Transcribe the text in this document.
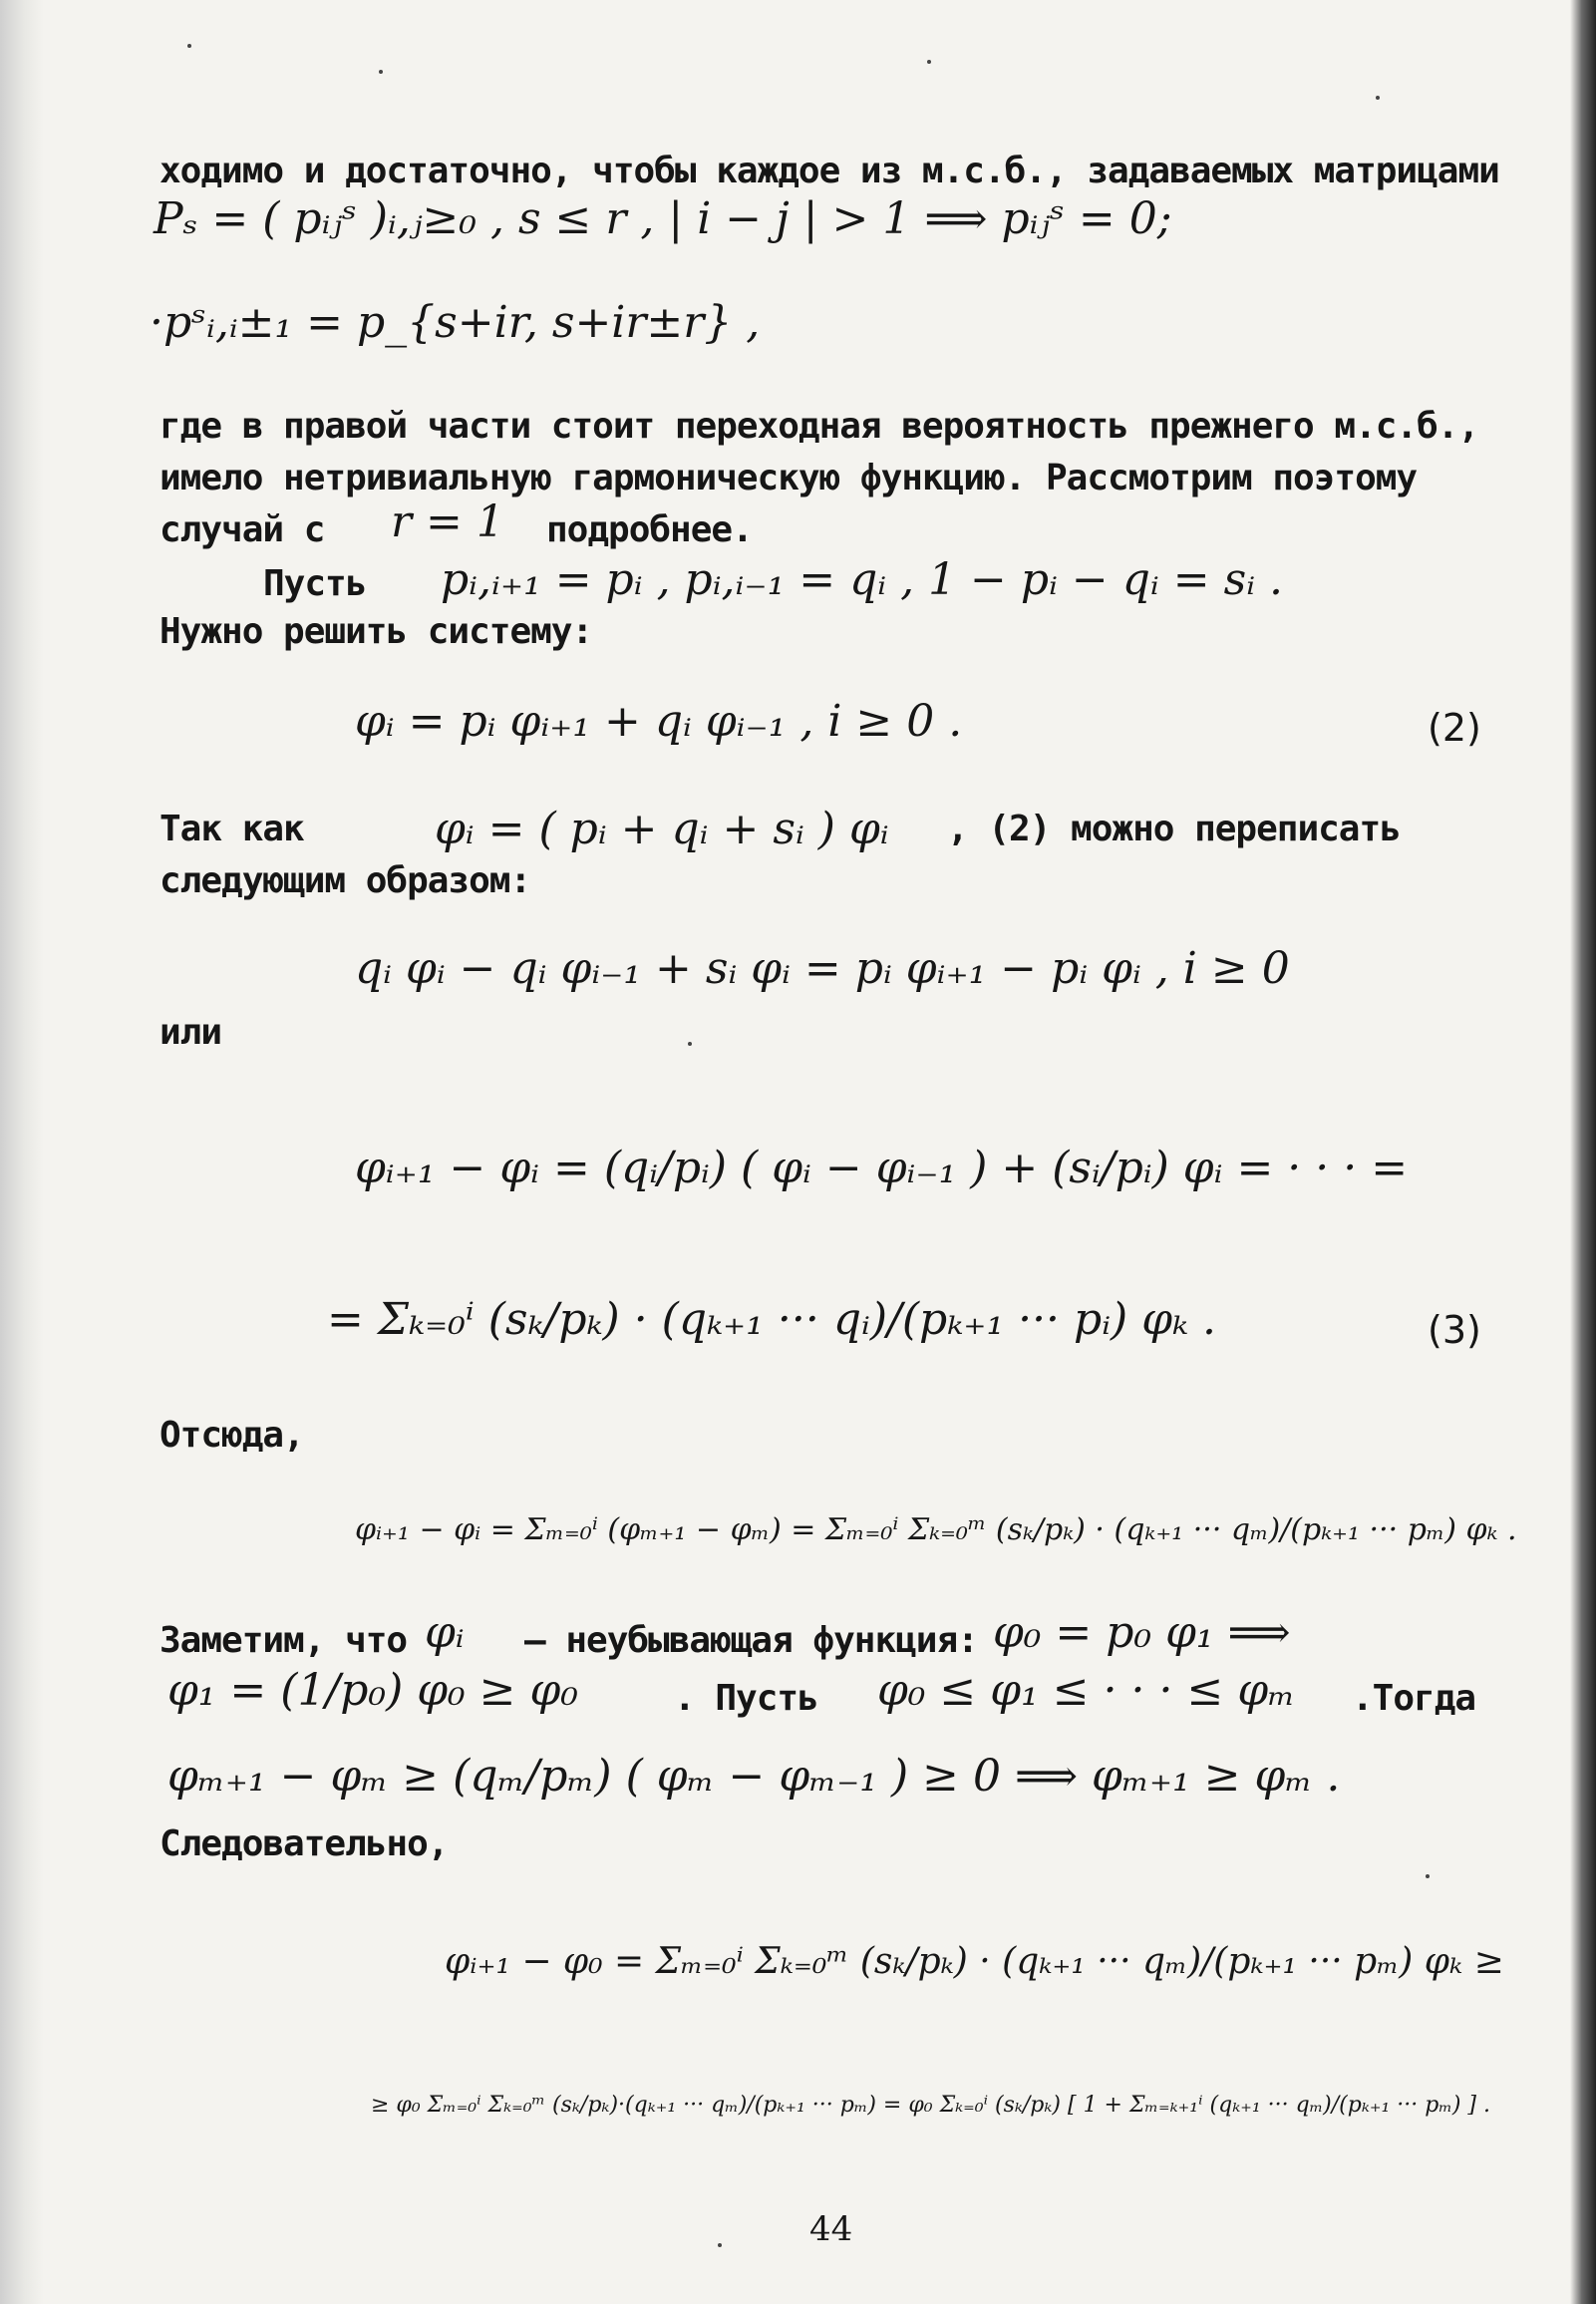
ходимо и достаточно, чтобы каждое из м.с.б., задаваемых матрицами
Pₛ = ( pᵢⱼˢ )ᵢ,ⱼ≥₀ , s ≤ r , | i − j | > 1 ⟹ pᵢⱼˢ = 0;
·pˢᵢ,ᵢ±₁ = p_{s+ir, s+ir±r} ,
где в правой части стоит переходная вероятность прежнего м.с.б.,
имело нетривиальную гармоническую функцию. Рассмотрим поэтому
случай с r = 1 подробнее.
Пусть pᵢ,ᵢ₊₁ = pᵢ , pᵢ,ᵢ₋₁ = qᵢ , 1 − pᵢ − qᵢ = sᵢ .
Нужно решить систему:
φᵢ = pᵢ φᵢ₊₁ + qᵢ φᵢ₋₁ , i ≥ 0 .	(2)
Так как	φᵢ = ( pᵢ + qᵢ + sᵢ ) φᵢ , (2) можно переписать
следующим образом:
qᵢ φᵢ − qᵢ φᵢ₋₁ + sᵢ φᵢ = pᵢ φᵢ₊₁ − pᵢ φᵢ , i ≥ 0
или
φᵢ₊₁ − φᵢ = (qᵢ/pᵢ) ( φᵢ − φᵢ₋₁ ) + (sᵢ/pᵢ) φᵢ = · · · =
= Σₖ₌₀ⁱ (sₖ/pₖ) · (qₖ₊₁ ··· qᵢ)/(pₖ₊₁ ··· pᵢ) φₖ .	(3)
Отсюда,
φᵢ₊₁ − φᵢ = Σₘ₌₀ⁱ (φₘ₊₁ − φₘ) = Σₘ₌₀ⁱ Σₖ₌₀ᵐ (sₖ/pₖ) · (qₖ₊₁ ··· qₘ)/(pₖ₊₁ ··· pₘ) φₖ .
Заметим, что φᵢ – неубывающая функция: φ₀ = p₀ φ₁ ⟹
φ₁ = (1/p₀) φ₀ ≥ φ₀	. Пусть φ₀ ≤ φ₁ ≤ · · · ≤ φₘ .Тогда
φₘ₊₁ − φₘ ≥ (qₘ/pₘ) ( φₘ − φₘ₋₁ ) ≥ 0 ⟹ φₘ₊₁ ≥ φₘ .
Следовательно,
φᵢ₊₁ − φ₀ = Σₘ₌₀ⁱ Σₖ₌₀ᵐ (sₖ/pₖ) · (qₖ₊₁ ··· qₘ)/(pₖ₊₁ ··· pₘ) φₖ ≥
≥ φ₀ Σₘ₌₀ⁱ Σₖ₌₀ᵐ (sₖ/pₖ)·(qₖ₊₁ ··· qₘ)/(pₖ₊₁ ··· pₘ) = φ₀ Σₖ₌₀ⁱ (sₖ/pₖ) [ 1 + Σₘ₌ₖ₊₁ⁱ (qₖ₊₁ ··· qₘ)/(pₖ₊₁ ··· pₘ) ] .
44
